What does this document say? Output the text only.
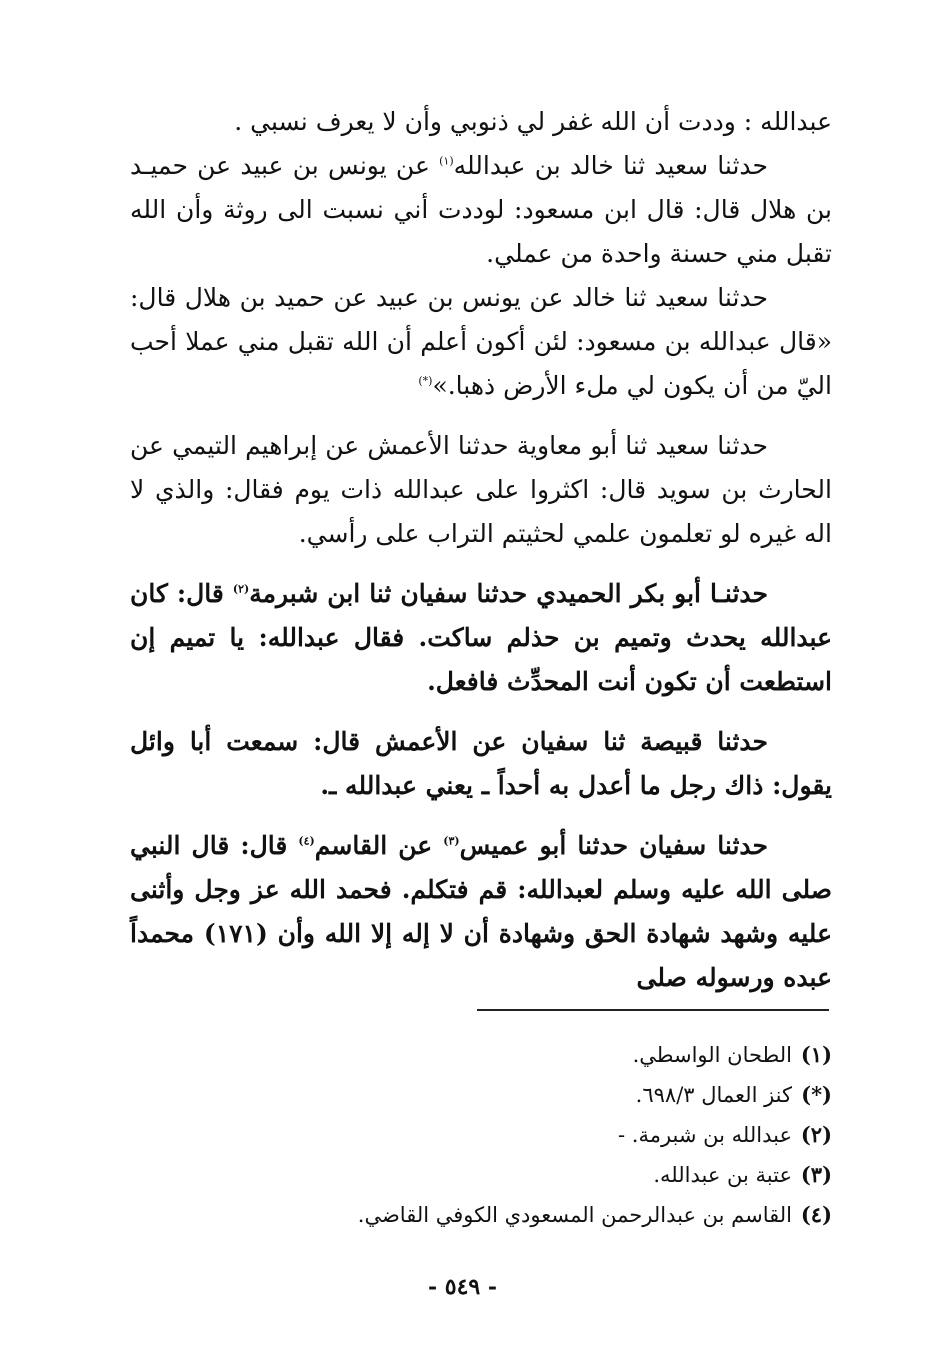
عبدالله : وددت أن الله غفر لي ذنوبي وأن لا يعرف نسبي .

حدثنا سعيد ثنا خالد بن عبدالله$^{(١)}$ عن يونس بن عبيد عن حميـد بن هلال قال: قال ابن مسعود: لوددت أني نسبت الى روثة وأن الله تقبل مني حسنة واحدة من عملي.

حدثنا سعيد ثنا خالد عن يونس بن عبيد عن حميد بن هلال قال: «قال عبدالله بن مسعود: لئن أكون أعلم أن الله تقبل مني عملا أحب اليّ من أن يكون لي ملء الأرض ذهبا.»(*)

حدثنا سعيد ثنا أبو معاوية حدثنا الأعمش عن إبراهيم التيمي عن الحارث بن سويد قال: اكثروا على عبدالله ذات يوم فقال: والذي لا اله غيره لو تعلمون علمي لحثيتم التراب على رأسي.

حدثنـا أبو بكر الحميدي حدثنا سفيان ثنا ابن شبرمة$^{(٢)}$ قال: كان عبدالله يحدث وتميم بن حذلم ساكت. فقال عبدالله: يا تميم إن استطعت أن تكون أنت المحدِّث فافعل.

حدثنا قبيصة ثنا سفيان عن الأعمش قال: سمعت أبا وائل يقول: ذاك رجل ما أعدل به أحداً ـ يعني عبدالله ـ.

حدثنا سفيان حدثنا أبو عميس$^{(٣)}$ عن القاسم$^{(٤)}$ قال: قال النبي صلى الله عليه وسلم لعبدالله: قم فتكلم. فحمد الله عز وجل وأثنى عليه وشهد شهادة الحق وشهادة أن لا إله إلا الله وأن (١٧١) محمداً عبده ورسوله صلى

(١)الطحان الواسطي.

(*)كنز العمال ٦٩٨/٣.

(٢)عبدالله بن شبرمة. -

(٣)عتبة بن عبدالله.

(٤)القاسم بن عبدالرحمن المسعودي الكوفي القاضي.

- ٥٤٩ -
